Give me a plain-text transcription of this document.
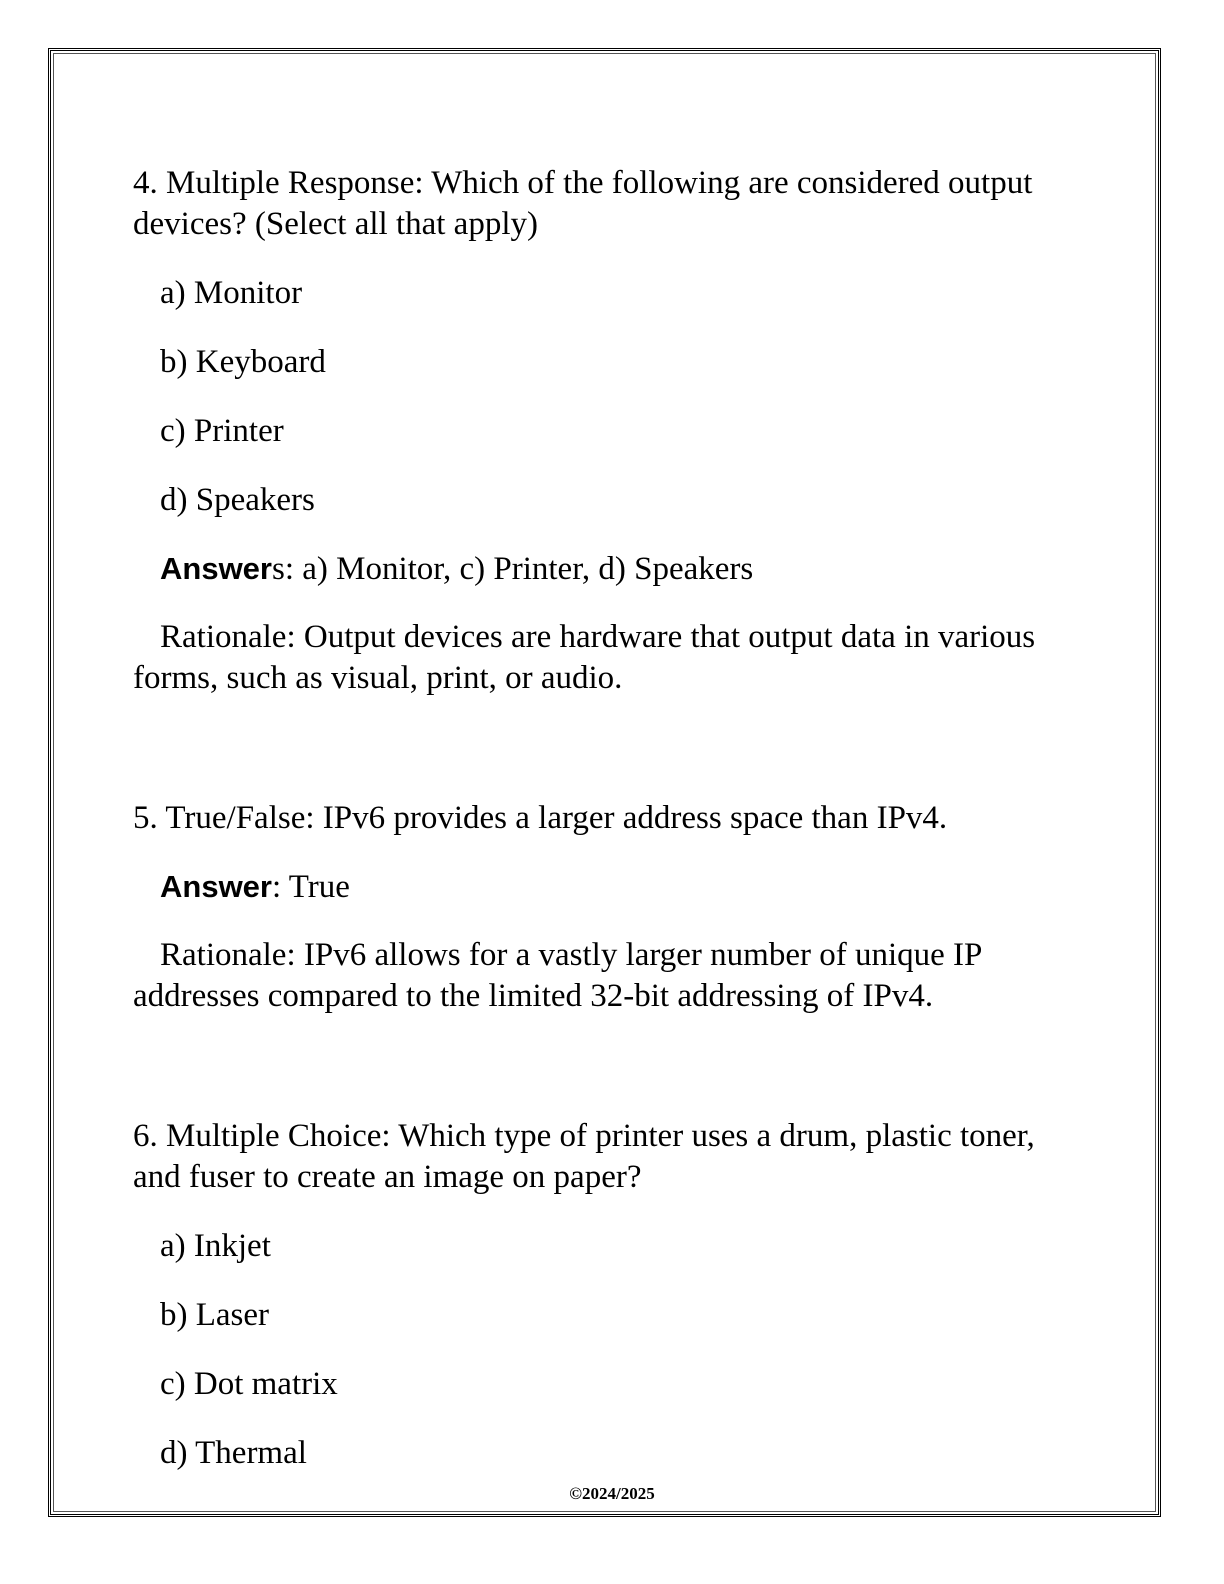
4. Multiple Response: Which of the following are considered output devices? (Select all that apply)

a) Monitor

b) Keyboard

c) Printer

d) Speakers

Answers: a) Monitor, c) Printer, d) Speakers

Rationale: Output devices are hardware that output data in various forms, such as visual, print, or audio.

5. True/False: IPv6 provides a larger address space than IPv4.

Answer: True

Rationale: IPv6 allows for a vastly larger number of unique IP addresses compared to the limited 32-bit addressing of IPv4.

6. Multiple Choice: Which type of printer uses a drum, plastic toner, and fuser to create an image on paper?

a) Inkjet

b) Laser

c) Dot matrix

d) Thermal

©2024/2025
